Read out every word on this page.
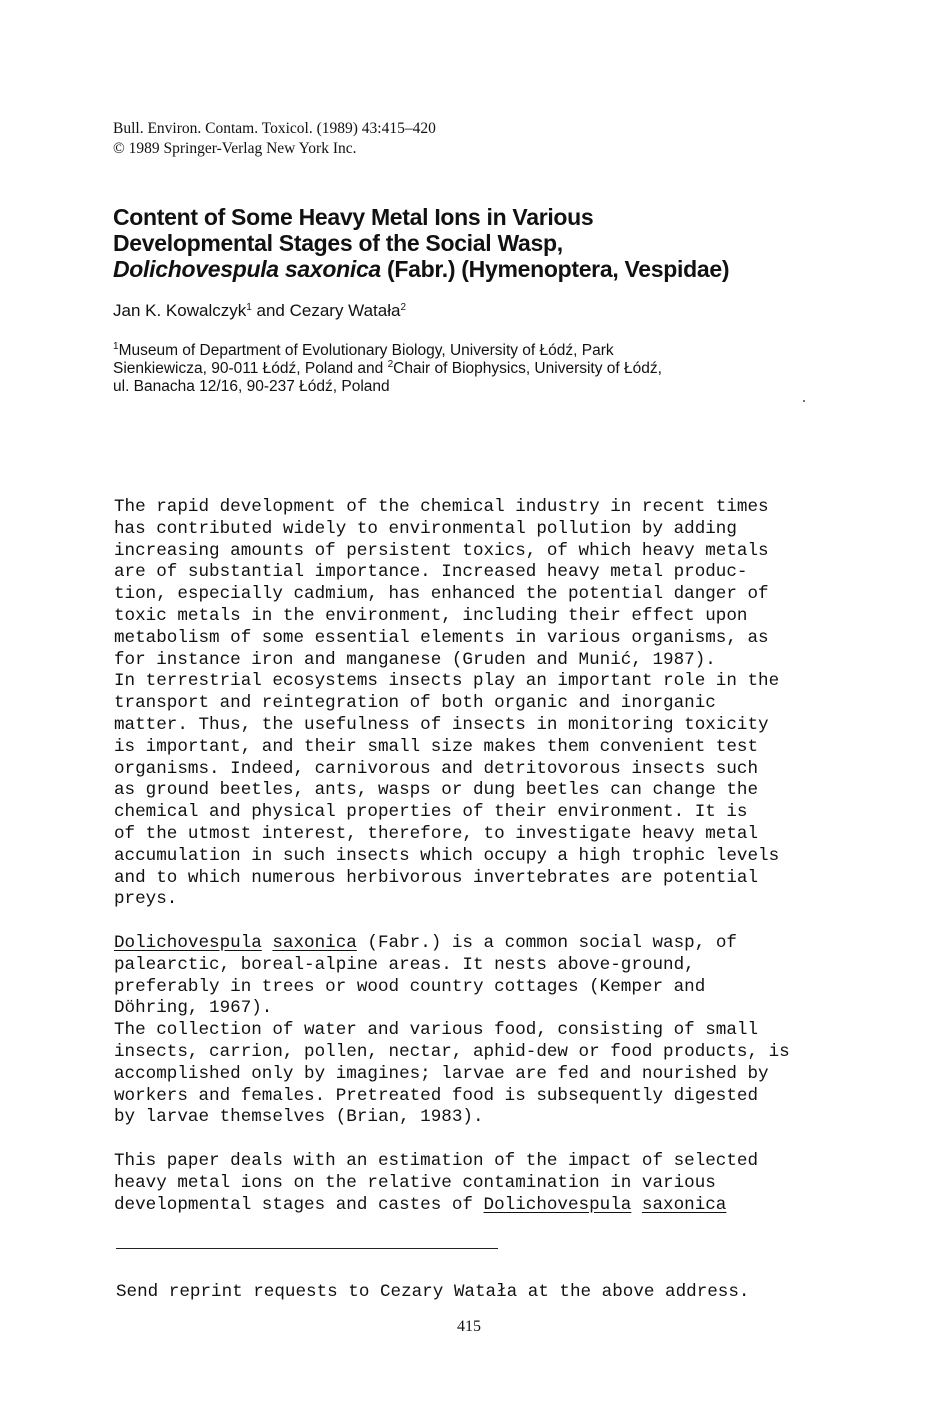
Bull. Environ. Contam. Toxicol. (1989) 43:415–420
© 1989 Springer-Verlag New York Inc.
Content of Some Heavy Metal Ions in Various
Developmental Stages of the Social Wasp,
Dolichovespula saxonica (Fabr.) (Hymenoptera, Vespidae)
Jan K. Kowalczyk$^1$ and Cezary Watała$^2$
$^1$Museum of Department of Evolutionary Biology, University of Łódź, Park
Sienkiewicza, 90-011 Łódź, Poland and $^2$Chair of Biophysics, University of Łódź,
ul. Banacha 12/16, 90-237 Łódź, Poland
The rapid development of the chemical industry in recent times
has contributed widely to environmental pollution by adding
increasing amounts of persistent toxics, of which heavy metals
are of substantial importance. Increased heavy metal produc-
tion, especially cadmium, has enhanced the potential danger of
toxic metals in the environment, including their effect upon
metabolism of some essential elements in various organisms, as
for instance iron and manganese (Gruden and Munić, 1987).
In terrestrial ecosystems insects play an important role in the
transport and reintegration of both organic and inorganic
matter. Thus, the usefulness of insects in monitoring toxicity
is important, and their small size makes them convenient test
organisms. Indeed, carnivorous and detritovorous insects such
as ground beetles, ants, wasps or dung beetles can change the
chemical and physical properties of their environment. It is
of the utmost interest, therefore, to investigate heavy metal
accumulation in such insects which occupy a high trophic levels
and to which numerous herbivorous invertebrates are potential
preys.
Dolichovespula saxonica (Fabr.) is a common social wasp, of
palearctic, boreal-alpine areas. It nests above-ground,
preferably in trees or wood country cottages (Kemper and
Döhring, 1967).
The collection of water and various food, consisting of small
insects, carrion, pollen, nectar, aphid-dew or food products, is
accomplished only by imagines; larvae are fed and nourished by
workers and females. Pretreated food is subsequently digested
by larvae themselves (Brian, 1983).
This paper deals with an estimation of the impact of selected
heavy metal ions on the relative contamination in various
developmental stages and castes of Dolichovespula saxonica
Send reprint requests to Cezary Watała at the above address.
415
